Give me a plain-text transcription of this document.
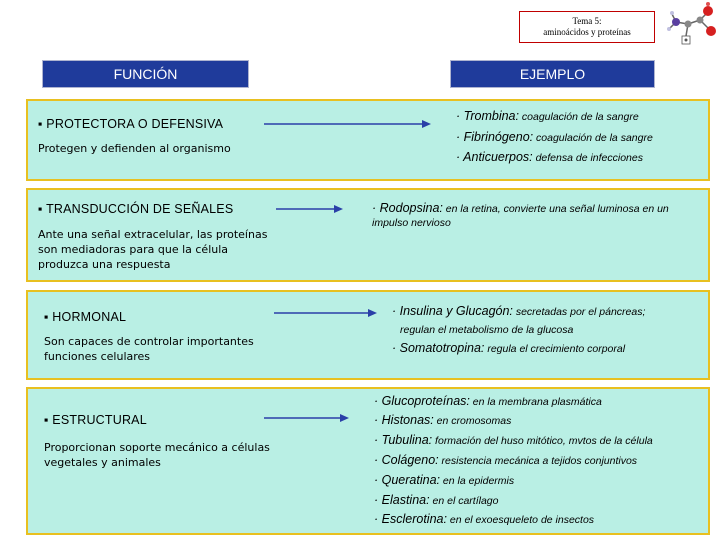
Tema 5:
aminoácidos y proteínas
FUNCIÓN	EJEMPLO
▪ PROTECTORA O DEFENSIVA
Protegen y defienden al organismo
· Trombina: coagulación de la sangre
· Fibrinógeno: coagulación de la sangre
· Anticuerpos: defensa de infecciones
▪ TRANSDUCCIÓN DE SEÑALES
Ante una señal extracelular, las proteínas son mediadoras para que la célula produzca una respuesta
· Rodopsina: en la retina, convierte una señal luminosa en un impulso nervioso
▪ HORMONAL
Son capaces de controlar importantes funciones celulares
· Insulina y Glucagón: secretadas por el páncreas;
regulan el metabolismo de la glucosa
· Somatotropina: regula el crecimiento corporal
▪ ESTRUCTURAL
Proporcionan soporte mecánico a células vegetales y animales
· Glucoproteínas: en la membrana plasmática
· Histonas: en cromosomas
· Tubulina: formación del huso mitótico, mvtos de la célula
· Colágeno: resistencia mecánica a tejidos conjuntivos
· Queratina: en la epidermis
· Elastina: en el cartílago
· Esclerotina: en el exoesqueleto de insectos
